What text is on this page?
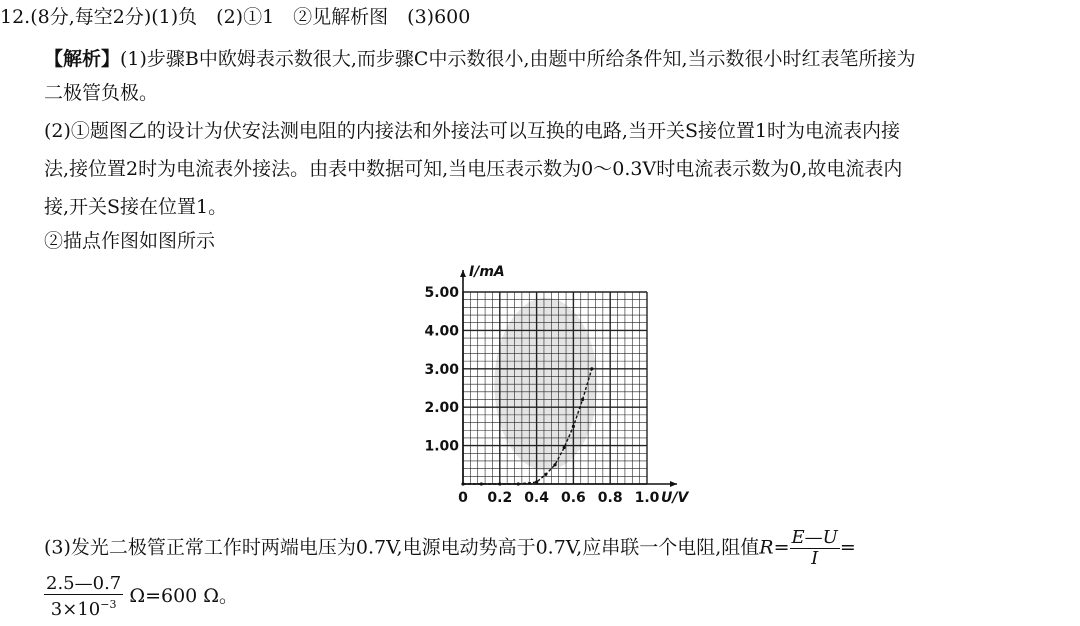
12.(8分,每空2分)(1)负　(2)①1　②见解析图　(3)600
【解析】(1)步骤B中欧姆表示数很大,而步骤C中示数很小,由题中所给条件知,当示数很小时红表笔所接为
二极管负极。
(2)①题图乙的设计为伏安法测电阻的内接法和外接法可以互换的电路,当开关S接位置1时为电流表内接
法,接位置2时为电流表外接法。由表中数据可知,当电压表示数为0～0.3V时电流表示数为0,故电流表内
接,开关S接在位置1。
②描点作图如图所示
0 0.2 0.4 0.6 0.8 1.0
1.00
2.00
3.00
4.00
5.00
U/V
I/mA
(3)发光二极管正常工作时两端电压为0.7V,电源电动势高于0.7V,应串联一个电阻,阻值$R= \frac{E—U}{I}$ =
$\frac{2.5—0.7}{3\times 10^{-3}} \Omega=600$ Ω。
